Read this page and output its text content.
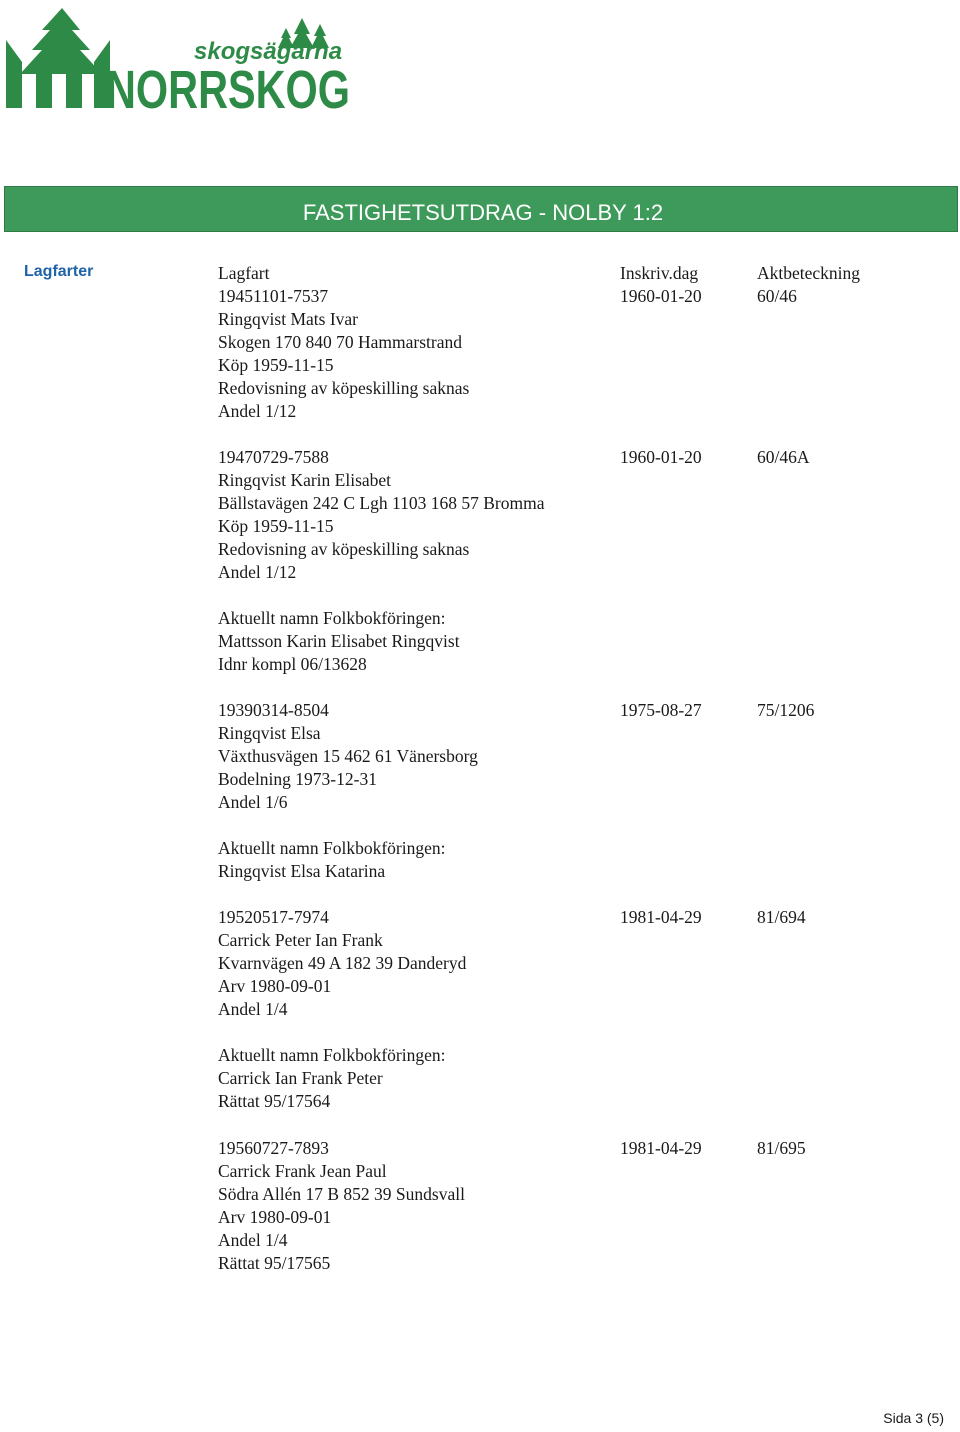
skogsägarna
NORRSKOG
FASTIGHETSUTDRAG - NOLBY 1:2
Lagfarter	Lagfart	Inskriv.dag	Aktbeteckning
19451101-7537
Ringqvist Mats Ivar
Skogen 170 840 70 Hammarstrand
Köp 1959-11-15
Redovisning av köpeskilling saknas
Andel 1/12
1960-01-20	60/46
19470729-7588
Ringqvist Karin Elisabet
Bällstavägen 242 C Lgh 1103 168 57 Bromma
Köp 1959-11-15
Redovisning av köpeskilling saknas
Andel 1/12
Aktuellt namn Folkbokföringen:
Mattsson Karin Elisabet Ringqvist
Idnr kompl 06/13628
1960-01-20	60/46A
19390314-8504
Ringqvist Elsa
Växthusvägen 15 462 61 Vänersborg
Bodelning 1973-12-31
Andel 1/6
Aktuellt namn Folkbokföringen:
Ringqvist Elsa Katarina
1975-08-27	75/1206
19520517-7974
Carrick Peter Ian Frank
Kvarnvägen 49 A 182 39 Danderyd
Arv 1980-09-01
Andel 1/4
Aktuellt namn Folkbokföringen:
Carrick Ian Frank Peter
Rättat 95/17564
1981-04-29	81/694
19560727-7893
Carrick Frank Jean Paul
Södra Allén 17 B 852 39 Sundsvall
Arv 1980-09-01
Andel 1/4
Rättat 95/17565
1981-04-29	81/695
Sida 3 (5)
